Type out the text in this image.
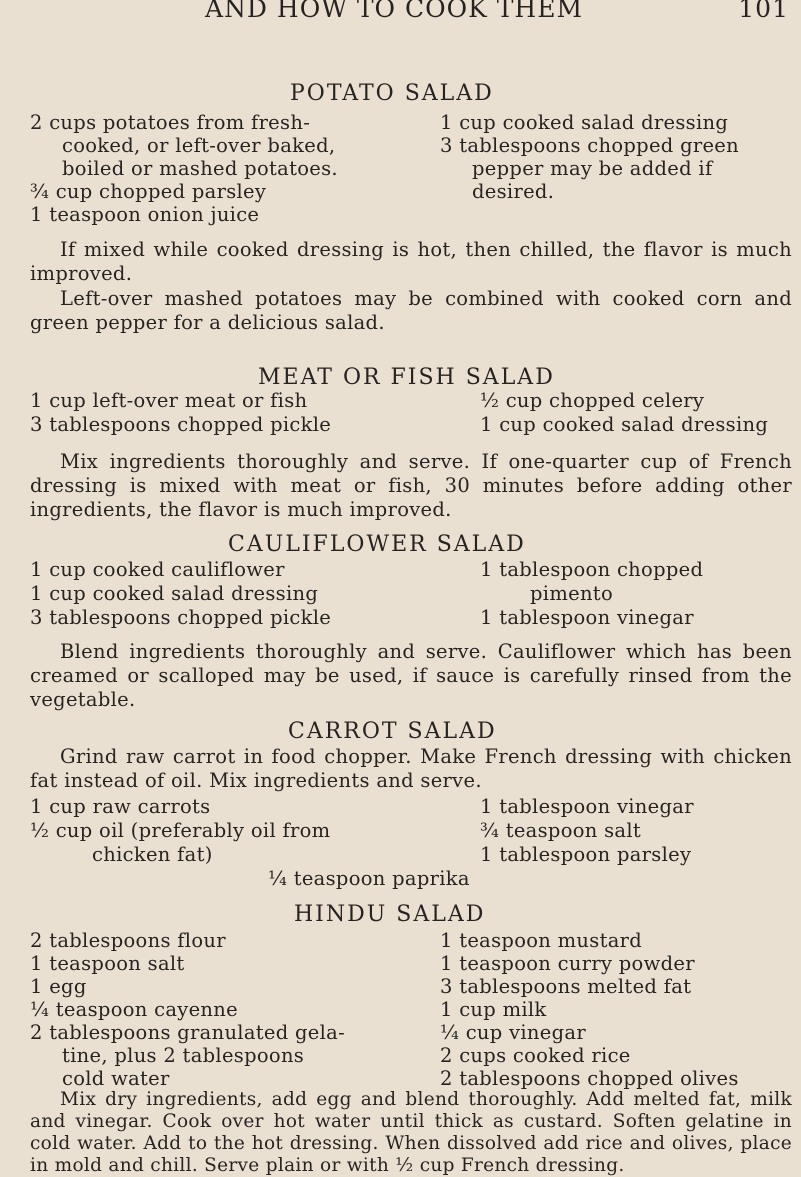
AND HOW TO COOK THEM	101
POTATO SALAD
2 cups potatoes from fresh-
cooked, or left-over baked,
boiled or mashed potatoes.
¾ cup chopped parsley
1 teaspoon onion juice
1 cup cooked salad dressing
3 tablespoons chopped green
pepper may be added if
desired.

If mixed while cooked dressing is hot, then chilled, the flavor is much improved.

Left-over mashed potatoes may be combined with cooked corn and green pepper for a delicious salad.

MEAT OR FISH SALAD
1 cup left-over meat or fish
3 tablespoons chopped pickle
½ cup chopped celery
1 cup cooked salad dressing

Mix ingredients thoroughly and serve. If one-quarter cup of French dressing is mixed with meat or fish, 30 minutes before adding other ingredients, the flavor is much improved.

CAULIFLOWER SALAD
1 cup cooked cauliflower
1 cup cooked salad dressing
3 tablespoons chopped pickle
1 tablespoon chopped
pimento
1 tablespoon vinegar

Blend ingredients thoroughly and serve. Cauliflower which has been creamed or scalloped may be used, if sauce is carefully rinsed from the vegetable.

CARROT SALAD

Grind raw carrot in food chopper. Make French dressing with chicken fat instead of oil. Mix ingredients and serve.

1 cup raw carrots
½ cup oil (preferably oil from
chicken fat)
1 tablespoon vinegar
¾ teaspoon salt
1 tablespoon parsley
¼ teaspoon paprika
HINDU SALAD
2 tablespoons flour
1 teaspoon salt
1 egg
¼ teaspoon cayenne
2 tablespoons granulated gela-
tine, plus 2 tablespoons
cold water
1 teaspoon mustard
1 teaspoon curry powder
3 tablespoons melted fat
1 cup milk
¼ cup vinegar
2 cups cooked rice
2 tablespoons chopped olives

Mix dry ingredients, add egg and blend thoroughly. Add melted fat, milk and vinegar. Cook over hot water until thick as custard. Soften gelatine in cold water. Add to the hot dressing. When dissolved add rice and olives, place in mold and chill. Serve plain or with ½ cup French dressing.
